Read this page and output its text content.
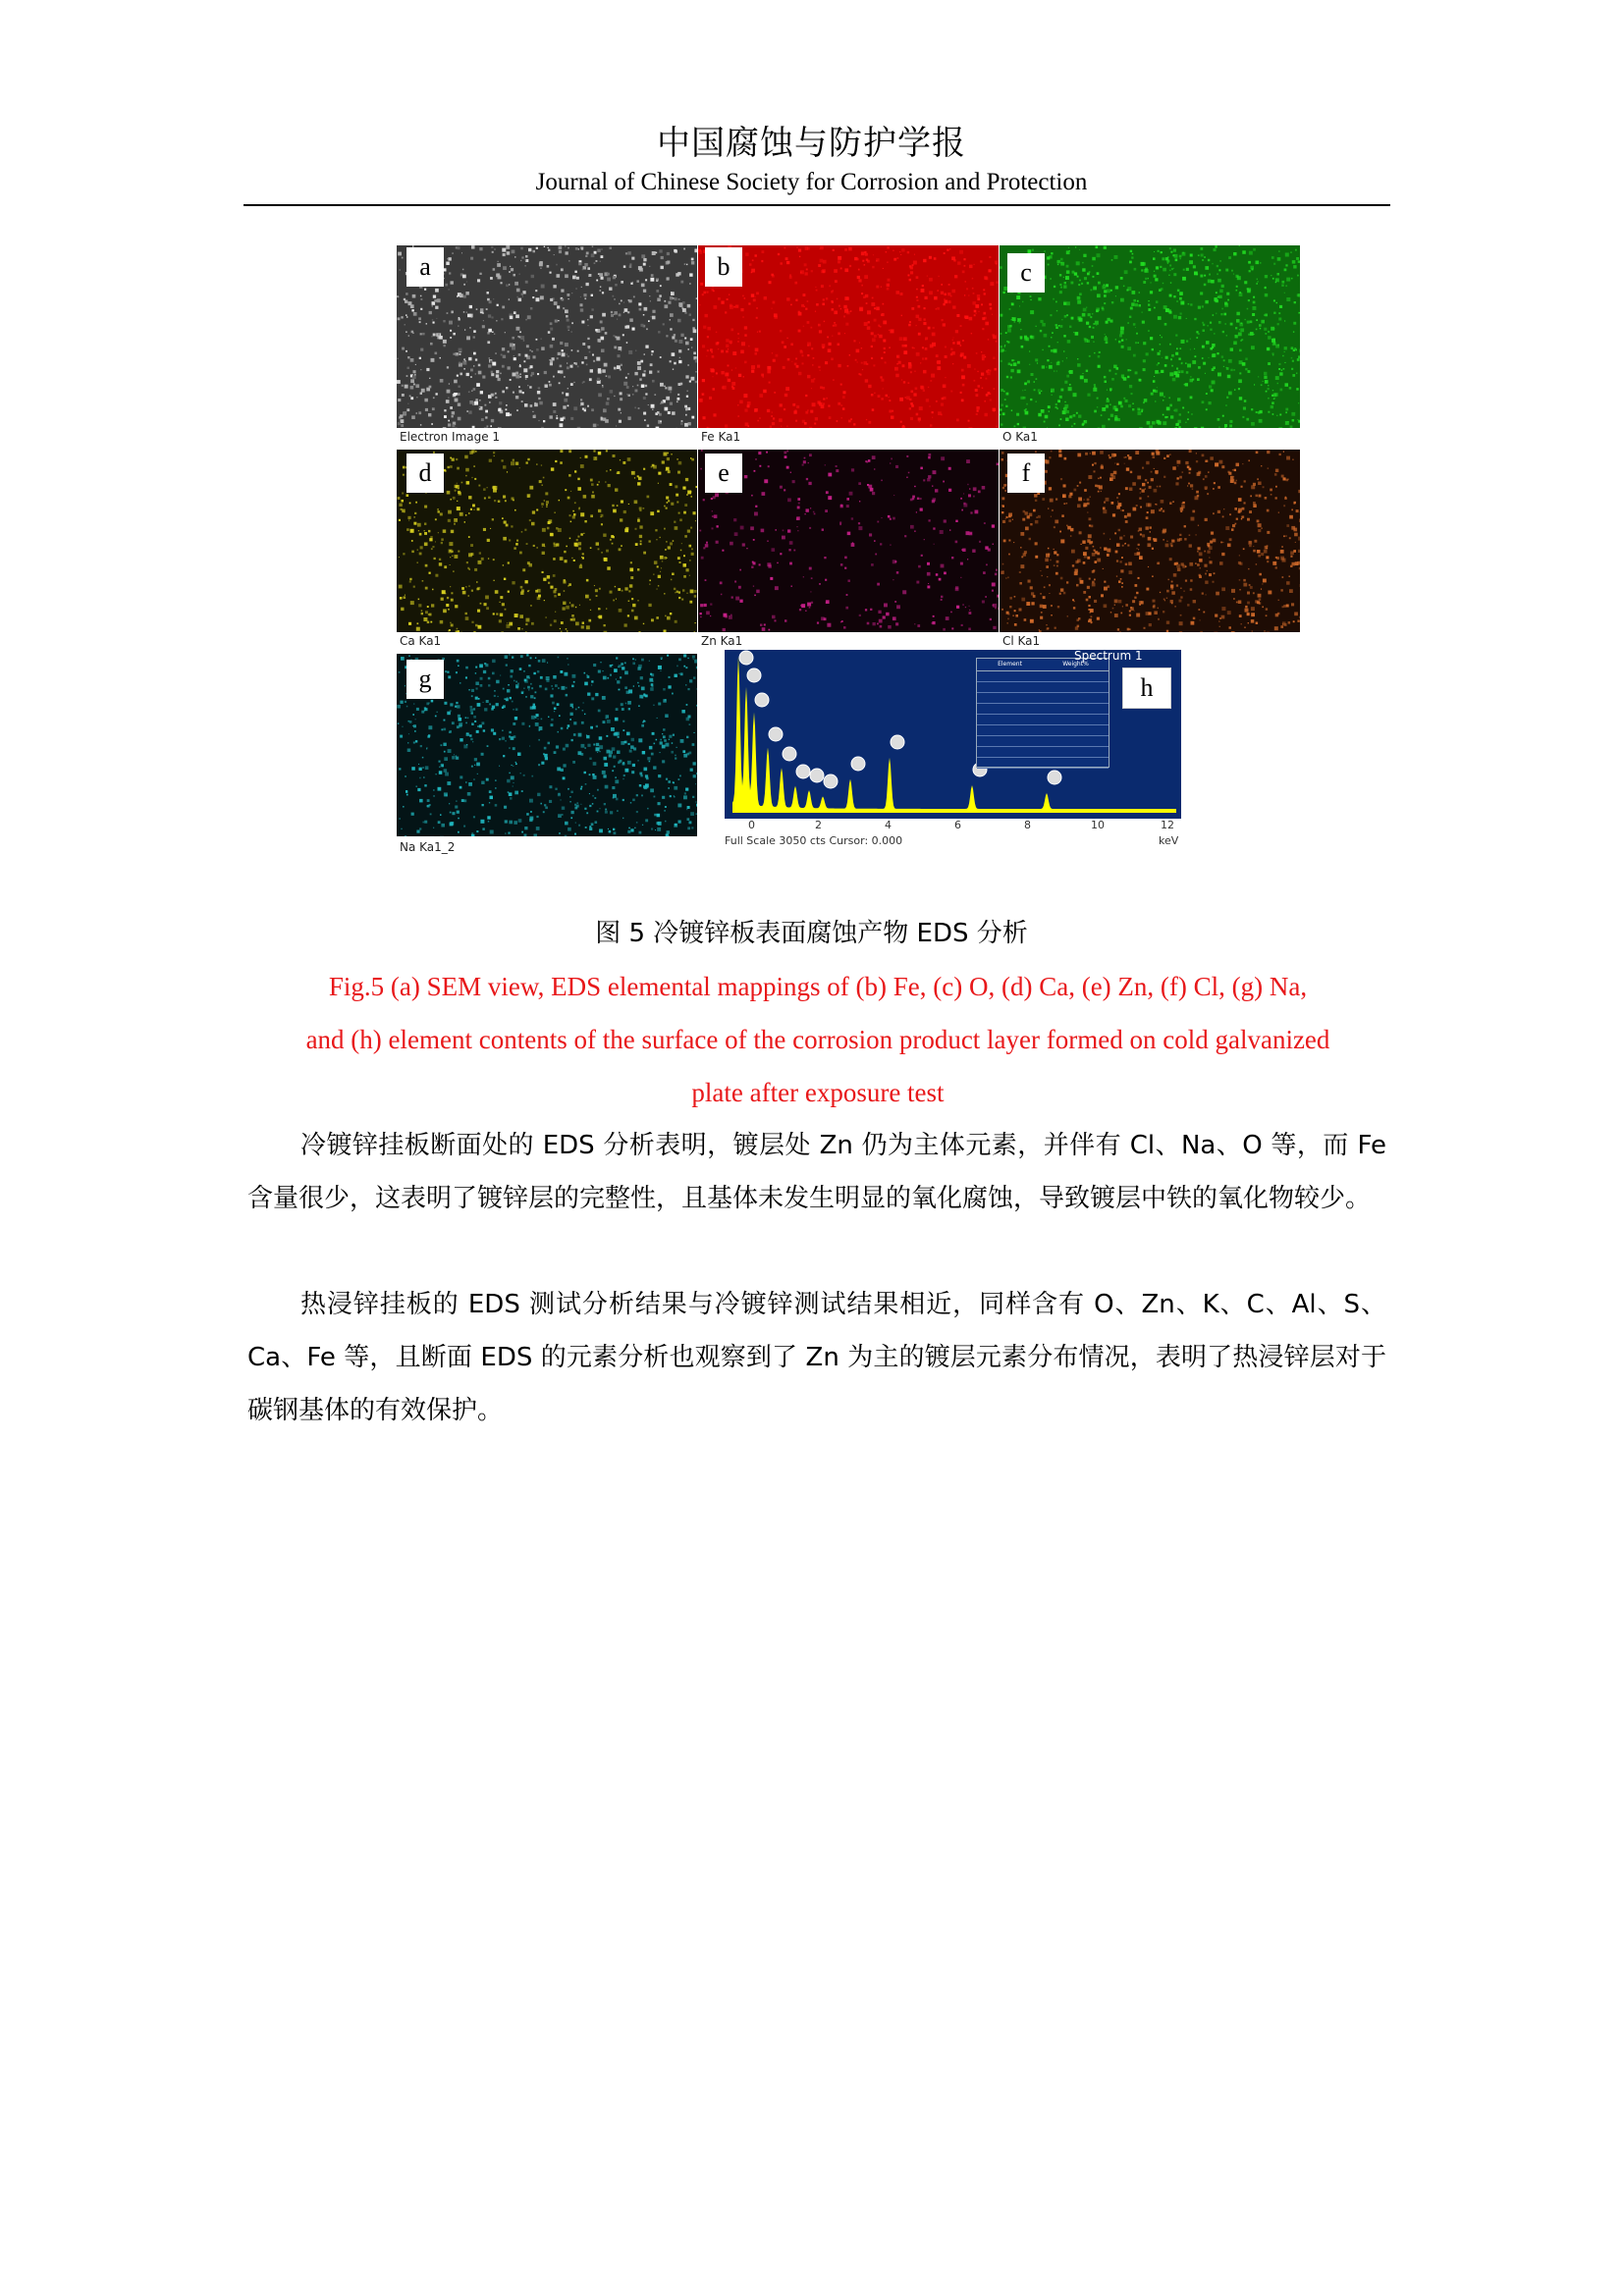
中国腐蚀与防护学报
Journal of Chinese Society for Corrosion and Protection
a
Electron Image 1
b
Fe Ka1
c
O Ka1
d
Ca Ka1
e
Zn Ka1
f
Cl Ka1
g
Na Ka1_2
Element	Weight%
Spectrum 1
h
0	2	4	6	8	10	12
Full Scale 3050 cts Cursor: 0.000	keV
图 5 冷镀锌板表面腐蚀产物 EDS 分析
Fig.5 (a) SEM view, EDS elemental mappings of (b) Fe, (c) O, (d) Ca, (e) Zn, (f) Cl, (g) Na,
and (h) element contents of the surface of the corrosion product layer formed on cold galvanized
plate after exposure test
冷镀锌挂板断面处的 EDS 分析表明，镀层处 Zn 仍为主体元素，并伴有 Cl、Na、O 等，而 Fe 含量很少，这表明了镀锌层的完整性，且基体未发生明显的氧化腐蚀，导致镀层中铁的氧化物较少。
热浸锌挂板的 EDS 测试分析结果与冷镀锌测试结果相近，同样含有 O、Zn、K、C、Al、S、Ca、Fe 等，且断面 EDS 的元素分析也观察到了 Zn 为主的镀层元素分布情况，表明了热浸锌层对于碳钢基体的有效保护。
